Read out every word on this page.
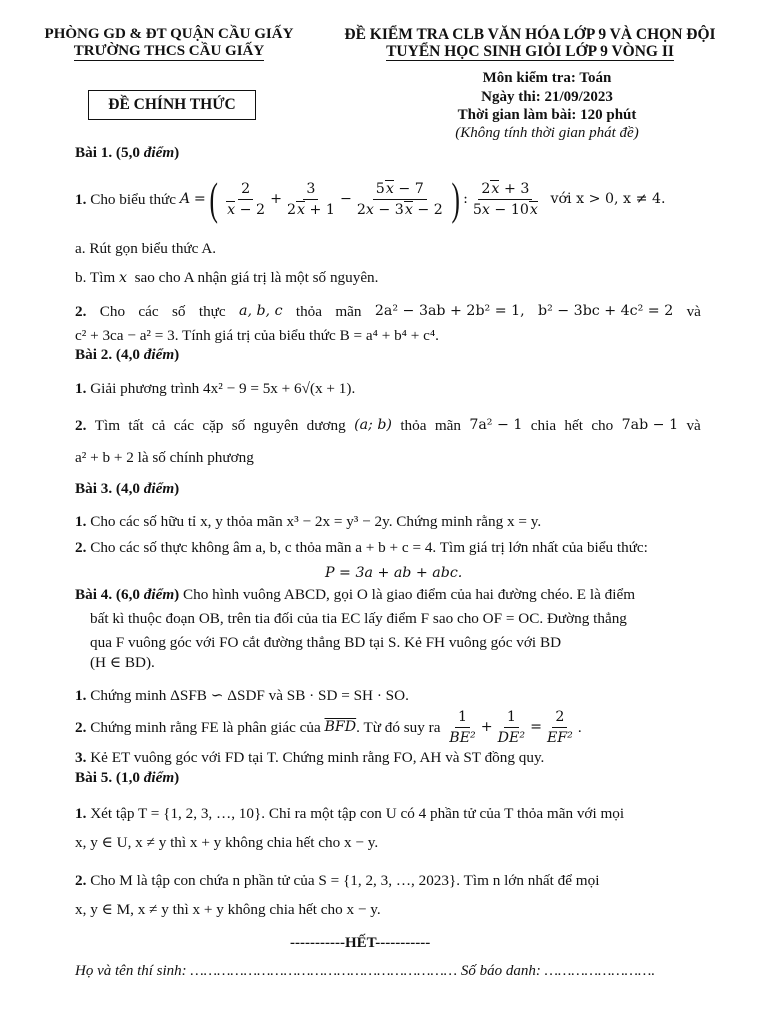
PHÒNG GD & ĐT QUẬN CẦU GIẤY
TRƯỜNG THCS CẦU GIẤY
ĐỀ KIỂM TRA CLB VĂN HÓA LỚP 9 VÀ CHỌN ĐỘI
TUYỂN HỌC SINH GIỎI LỚP 9 VÒNG II
ĐỀ CHÍNH THỨC
Môn kiểm tra: Toán
Ngày thi: 21/09/2023
Thời gian làm bài: 120 phút
(Không tính thời gian phát đề)
Bài 1. (5,0 điểm)
1.
Cho biểu thức
A
= ( $\frac{2}{x - 2} + \frac{3}{2x + 1} - \frac{5x - 7}{2x - 3x - 2}$ ) : $\frac{2x + 3}{5x - 10x}$
với x > 0, x ≠ 4.
a. Rút gọn biểu thức A.
b. Tìm x sao cho A nhận giá trị là một số nguyên.
2. Cho các số thực a, b, c thỏa mãn 2a² − 3ab + 2b² = 1, b² − 3bc + 4c² = 2 và
c² + 3ca − a² = 3. Tính giá trị của biểu thức B = a⁴ + b⁴ + c⁴.
Bài 2. (4,0 điểm)
1. Giải phương trình 4x² − 9 = 5x + 6√(x + 1).
2. Tìm tất cả các cặp số nguyên dương (a; b) thỏa mãn 7a² − 1 chia hết cho 7ab − 1 và
a² + b + 2 là số chính phương
Bài 3. (4,0 điểm)
1. Cho các số hữu tỉ x, y thỏa mãn x³ − 2x = y³ − 2y. Chứng minh rằng x = y.
2. Cho các số thực không âm a, b, c thỏa mãn a + b + c = 4. Tìm giá trị lớn nhất của biểu thức:
P = 3a + ab + abc.
Bài 4. (6,0 điểm) Cho hình vuông ABCD, gọi O là giao điểm của hai đường chéo. E là điểm
bất kì thuộc đoạn OB, trên tia đối của tia EC lấy điểm F sao cho OF = OC. Đường thẳng
qua F vuông góc với FO cắt đường thẳng BD tại S. Kẻ FH vuông góc với BD
(H ∈ BD).
1. Chứng minh ΔSFB ∽ ΔSDF và SB · SD = SH · SO.
2.
Chứng minh rằng FE là phân giác của
$\overline{BFD}$ . Từ đó suy ra
$\frac{1}{\text{BE²}} + \frac{1}{\text{DE²}} = \frac{2}{\text{EF²}}$ .
3. Kẻ ET vuông góc với FD tại T. Chứng minh rằng FO, AH và ST đồng quy.
Bài 5. (1,0 điểm)
1. Xét tập T = {1, 2, 3, …, 10}. Chỉ ra một tập con U có 4 phần tử của T thỏa mãn với mọi
x, y ∈ U, x ≠ y thì x + y không chia hết cho x − y.
2. Cho M là tập con chứa n phần tử của S = {1, 2, 3, …, 2023}. Tìm n lớn nhất để mọi
x, y ∈ M, x ≠ y thì x + y không chia hết cho x − y.
-----------HẾT-----------
Họ và tên thí sinh: …………………………………………………… Số báo danh: …………………….
